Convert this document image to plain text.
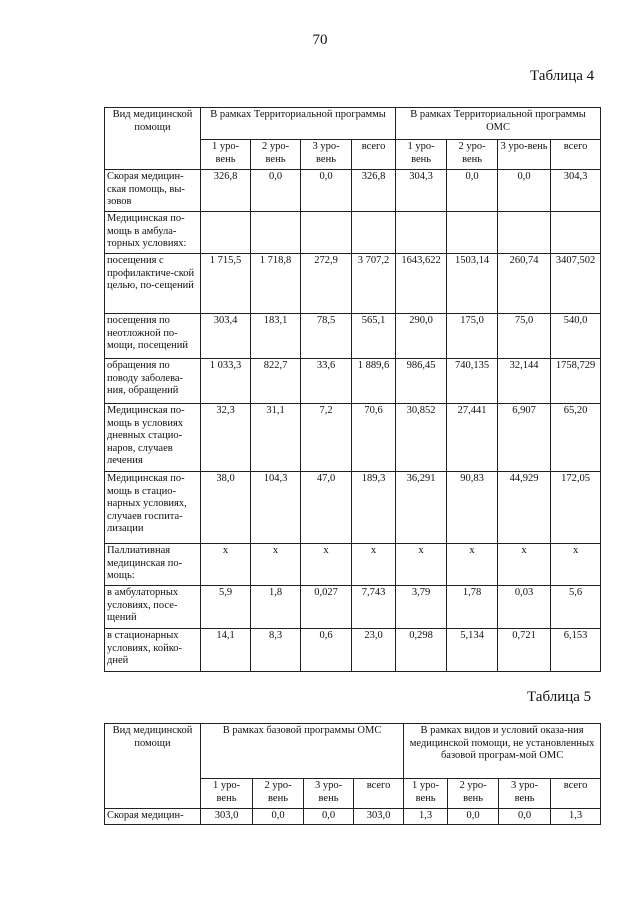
70
Таблица 4
Вид медицинской помощи	В рамках Территориальной программы				В рамках Территориальной программы ОМС			
	1 уро-вень	2 уро-вень	3 уро-вень	всего	1 уро-вень	2 уро-вень	3 уро-вень	всего
Скорая медицин-ская помощь, вы-зовов	326,8	0,0	0,0	326,8	304,3	0,0	0,0	304,3
Медицинская по-мощь в амбула-торных условиях:								
посещения с профилактиче-ской целью, по-сещений	1 715,5	1 718,8	272,9	3 707,2	1643,622	1503,14	260,74	3407,502
посещения по неотложной по-мощи, посещений	303,4	183,1	78,5	565,1	290,0	175,0	75,0	540,0
обращения по поводу заболева-ния, обращений	1 033,3	822,7	33,6	1 889,6	986,45	740,135	32,144	1758,729
Медицинская по-мощь в условиях дневных стацио-наров, случаев лечения	32,3	31,1	7,2	70,6	30,852	27,441	6,907	65,20
Медицинская по-мощь в стацио-нарных условиях, случаев госпита-лизации	38,0	104,3	47,0	189,3	36,291	90,83	44,929	172,05
Паллиативная медицинская по-мощь:	x	x	x	x	x	x	x	x
в амбулаторных условиях, посе-щений	5,9	1,8	0,027	7,743	3,79	1,78	0,03	5,6
в стационарных условиях, койко-дней	14,1	8,3	0,6	23,0	0,298	5,134	0,721	6,153
Таблица 5
Вид медицинской помощи	В рамках базовой программы ОМС				В рамках видов и условий оказа-ния медицинской помощи, не установленных базовой програм-мой ОМС			
	1 уро-вень	2 уро-вень	3 уро-вень	всего	1 уро-вень	2 уро-вень	3 уро-вень	всего
Скорая медицин-	303,0	0,0	0,0	303,0	1,3	0,0	0,0	1,3
